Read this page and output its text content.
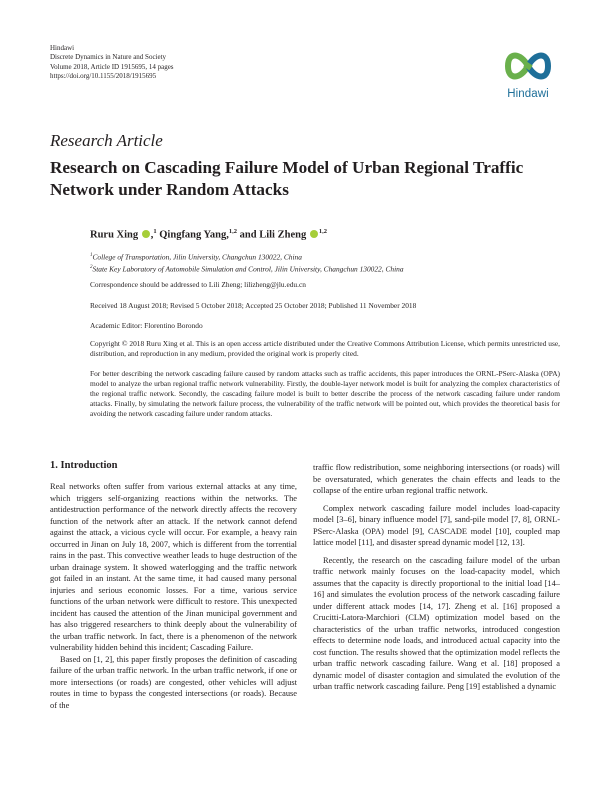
Hindawi
Discrete Dynamics in Nature and Society
Volume 2018, Article ID 1915695, 14 pages
https://doi.org/10.1155/2018/1915695
Hindawi
Research Article
Research on Cascading Failure Model of Urban Regional Traffic Network under Random Attacks
Ruru Xing ,$^1$ Qingfang Yang,$^{1,2}$ and Lili Zheng $^{1,2}$
$^1$College of Transportation, Jilin University, Changchun 130022, China
$^2$State Key Laboratory of Automobile Simulation and Control, Jilin University, Changchun 130022, China
Correspondence should be addressed to Lili Zheng; lilizheng@jlu.edu.cn
Received 18 August 2018; Revised 5 October 2018; Accepted 25 October 2018; Published 11 November 2018
Academic Editor: Florentino Borondo
Copyright © 2018 Ruru Xing et al. This is an open access article distributed under the Creative Commons Attribution License, which permits unrestricted use, distribution, and reproduction in any medium, provided the original work is properly cited.
For better describing the network cascading failure caused by random attacks such as traffic accidents, this paper introduces the ORNL-PSerc-Alaska (OPA) model to analyze the urban regional traffic network vulnerability. Firstly, the double-layer network model is built for analyzing the complex characteristics of the regional traffic network. Secondly, the cascading failure model is built to better describe the process of the network cascading failure under random attacks. Finally, by simulating the network failure process, the vulnerability of the traffic network will be pointed out, which provides the theoretical basis for avoiding the network cascading failure under random attacks.
1. Introduction

Real networks often suffer from various external attacks at any time, which triggers self-organizing reactions within the networks. The antidestruction performance of the network directly affects the recovery function of the network after an attack. If the network cannot defend against the attack, a vicious cycle will occur. For example, a heavy rain occurred in Jinan on July 18, 2007, which is different from the torrential rains in the past. This convective weather leads to huge destruction of the urban drainage system. It showed waterlogging and the traffic network got failed in an instant. At the same time, it had caused many personal injuries and serious economic losses. For a time, various service functions of the urban network were difficult to restore. This unexpected incident has caused the attention of the Jinan municipal government and has also triggered researchers to think deeply about the vulnerability of the urban traffic network. In fact, there is a phenomenon of the network vulnerability hidden behind this incident; Cascading Failure.

Based on [1, 2], this paper firstly proposes the definition of cascading failure of the urban traffic network. In the urban traffic network, if one or more intersections (or roads) are congested, other vehicles will adjust routes in time to bypass the congested intersections (or roads). Because of the

traffic flow redistribution, some neighboring intersections (or roads) will be oversaturated, which generates the chain effects and leads to the collapse of the entire urban regional traffic network.

Complex network cascading failure model includes load-capacity model [3–6], binary influence model [7], sand-pile model [7, 8], ORNL-PSerc-Alaska (OPA) model [9], CASCADE model [10], coupled map lattice model [11], and disaster spread dynamic model [12, 13].

Recently, the research on the cascading failure model of the urban traffic network mainly focuses on the load-capacity model, which assumes that the capacity is directly proportional to the initial load [14–16] and simulates the evolution process of the network cascading failure under different attack modes [14, 17]. Zheng et al. [16] proposed a Crucitti-Latora-Marchiori (CLM) optimization model based on the characteristics of the urban traffic networks, introduced congestion effects to determine node loads, and introduced actual capacity into the cost function. The results showed that the optimization model reflects the urban traffic network cascading failure. Wang et al. [18] proposed a dynamic model of disaster contagion and simulated the evolution of the urban traffic network cascading failure. Peng [19] established a dynamic
